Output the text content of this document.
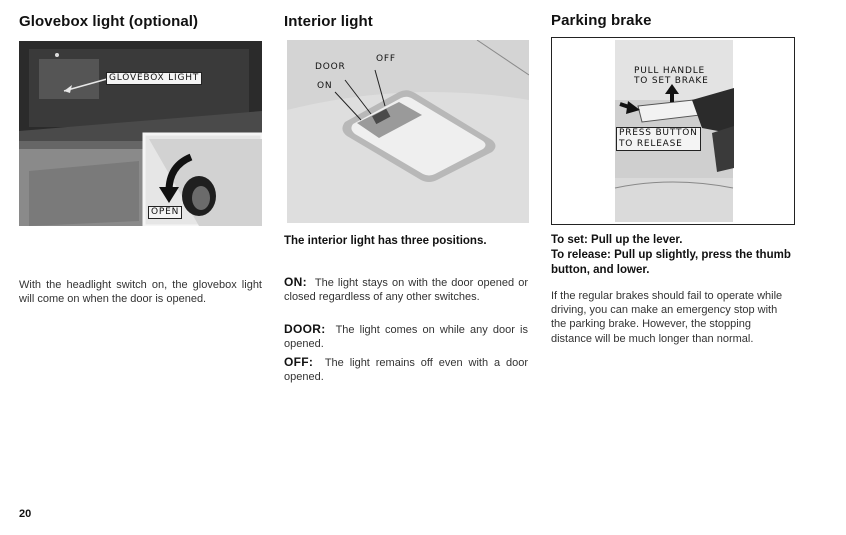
Glovebox light (optional)
GLOVEBOX LIGHT
OPEN

With the headlight switch on, the glovebox light will come on when the door is opened.

Interior light
DOOR
OFF
ON

The interior light has three positions.

ON: The light stays on with the door opened or closed regardless of any other switches.

DOOR: The light comes on while any door is opened.

OFF: The light remains off even with a door opened.

Parking brake
PULL HANDLE
TO SET BRAKE
PRESS BUTTON
TO RELEASE

To set: Pull up the lever.

To release: Pull up slightly, press the thumb button, and lower.

If the regular brakes should fail to operate while driving, you can make an emergency stop with the parking brake. However, the stopping distance will be much longer than normal.

20
